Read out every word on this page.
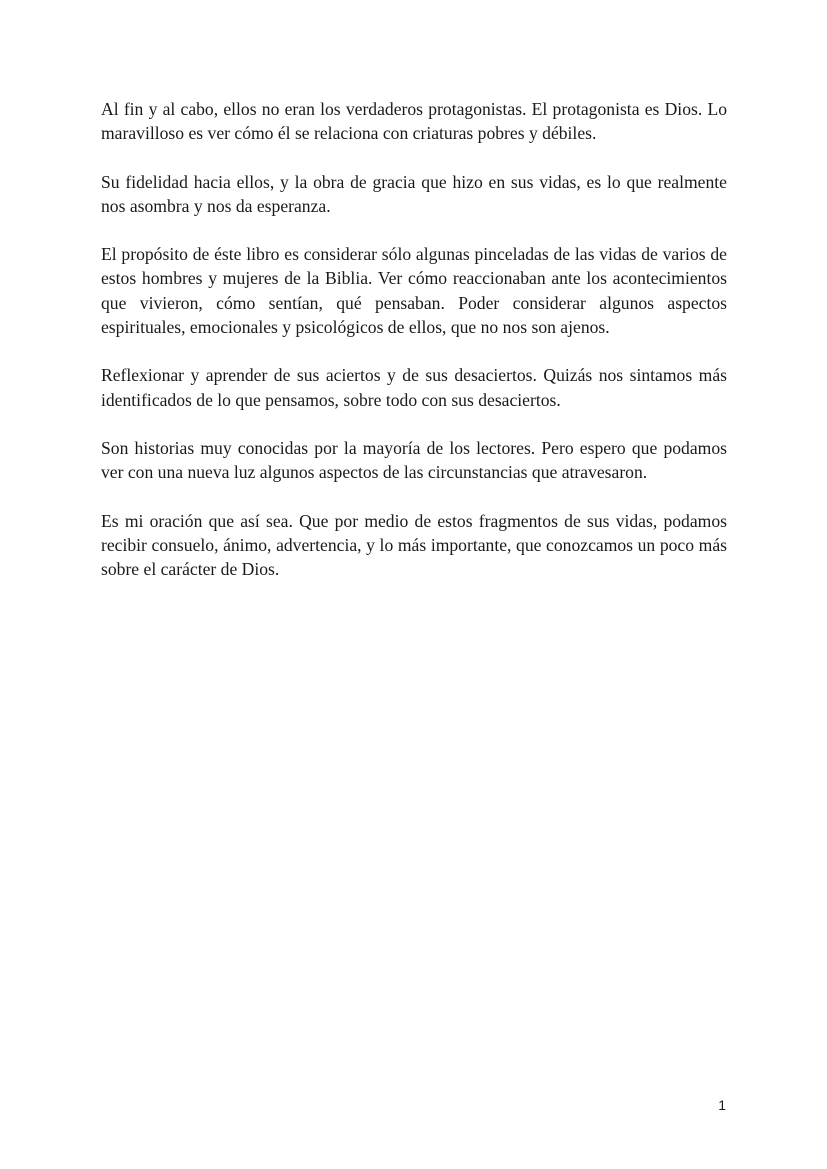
Al fin y al cabo, ellos no eran los verdaderos protagonistas. El protagonista es Dios. Lo maravilloso es ver cómo él se relaciona con criaturas pobres y débiles.

Su fidelidad hacia ellos, y la obra de gracia que hizo en sus vidas, es lo que realmente nos asombra y nos da esperanza.

El propósito de éste libro es considerar sólo algunas pinceladas de las vidas de varios de estos hombres y mujeres de la Biblia. Ver cómo reaccionaban ante los acontecimientos que vivieron, cómo sentían, qué pensaban. Poder considerar algunos aspectos espirituales, emocionales y psicológicos de ellos, que no nos son ajenos.

Reflexionar y aprender de sus aciertos y de sus desaciertos. Quizás nos sintamos más identificados de lo que pensamos, sobre todo con sus desaciertos.

Son historias muy conocidas por la mayoría de los lectores. Pero espero que podamos ver con una nueva luz algunos aspectos de las circunstancias que atravesaron.

Es mi oración que así sea. Que por medio de estos fragmentos de sus vidas, podamos recibir consuelo, ánimo, advertencia, y lo más importante, que conozcamos un poco más sobre el carácter de Dios.

1
